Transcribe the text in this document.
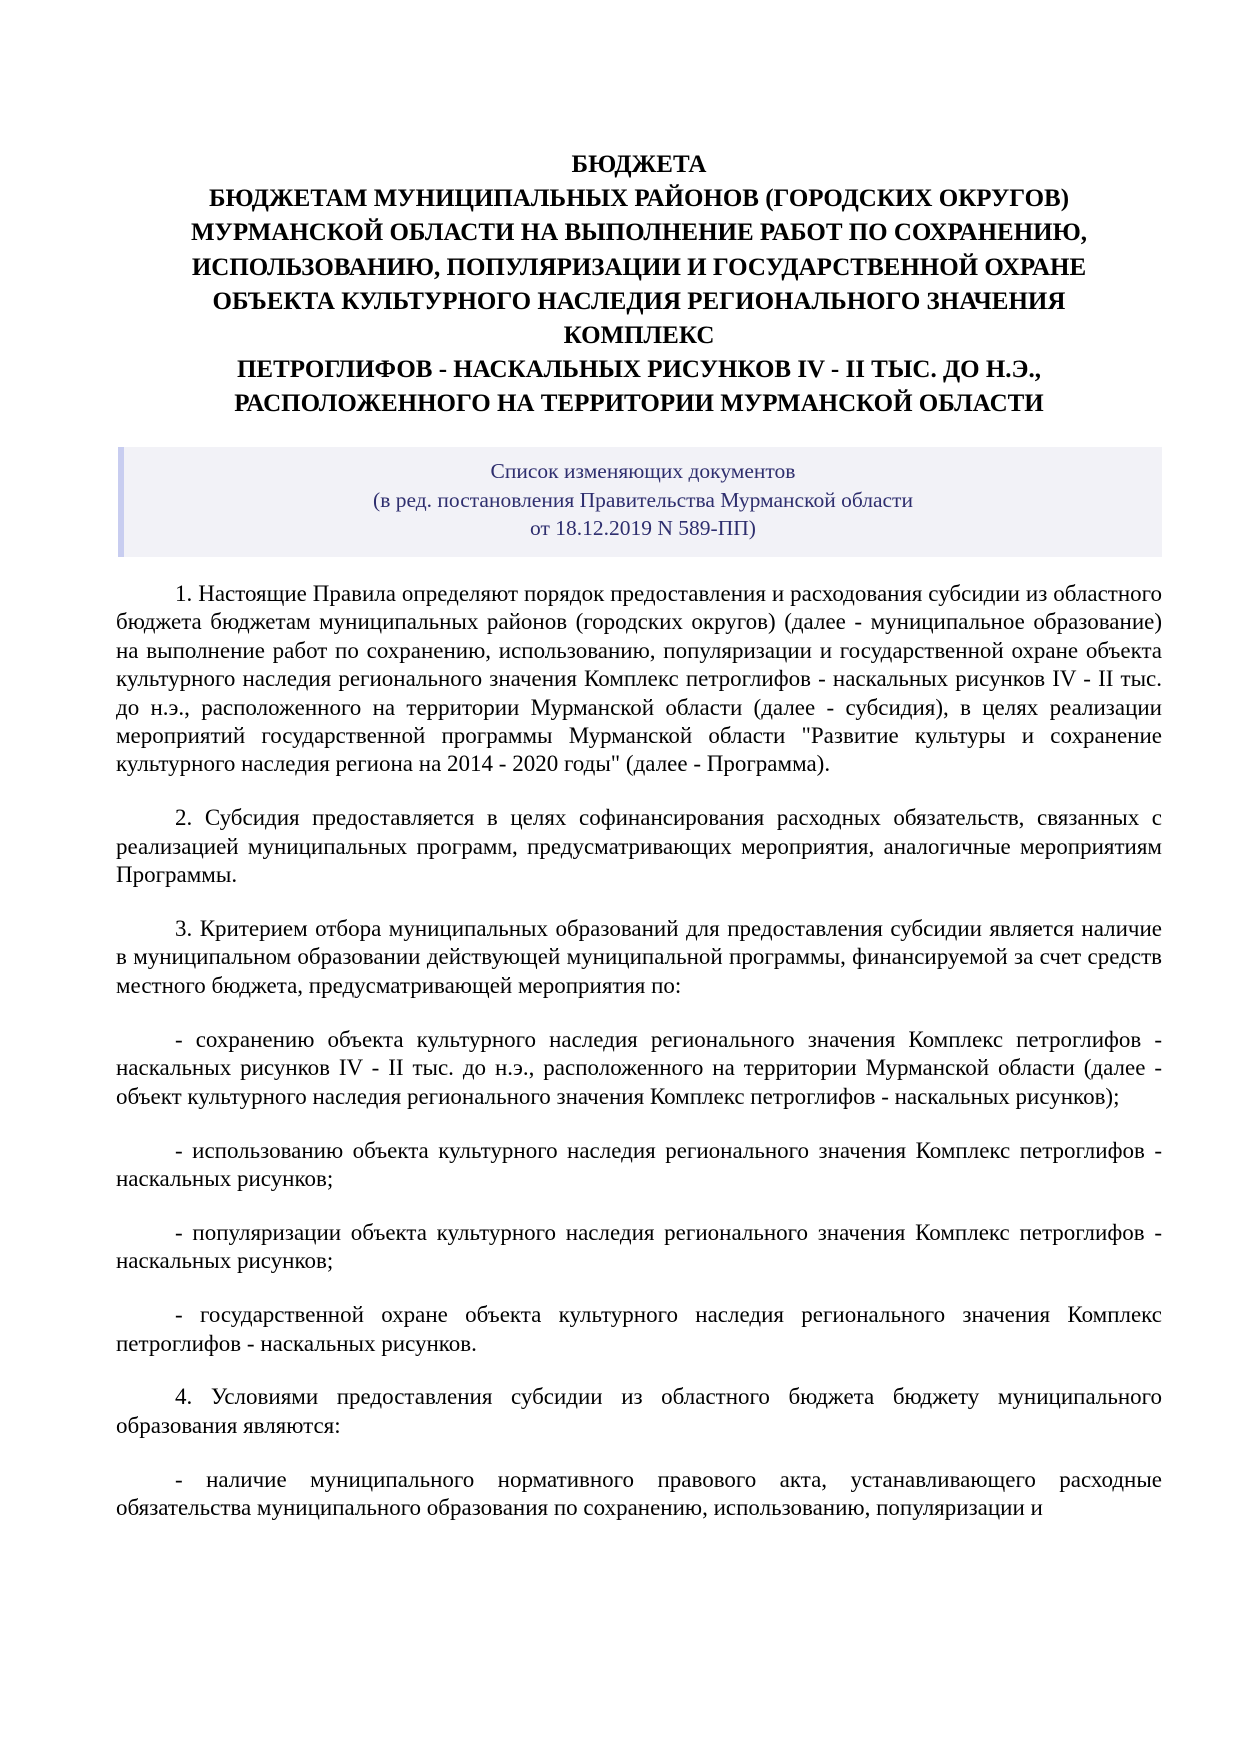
БЮДЖЕТА
БЮДЖЕТАМ МУНИЦИПАЛЬНЫХ РАЙОНОВ (ГОРОДСКИХ ОКРУГОВ)
МУРМАНСКОЙ ОБЛАСТИ НА ВЫПОЛНЕНИЕ РАБОТ ПО СОХРАНЕНИЮ,
ИСПОЛЬЗОВАНИЮ, ПОПУЛЯРИЗАЦИИ И ГОСУДАРСТВЕННОЙ ОХРАНЕ
ОБЪЕКТА КУЛЬТУРНОГО НАСЛЕДИЯ РЕГИОНАЛЬНОГО ЗНАЧЕНИЯ
КОМПЛЕКС
ПЕТРОГЛИФОВ - НАСКАЛЬНЫХ РИСУНКОВ IV - II ТЫС. ДО Н.Э.,
РАСПОЛОЖЕННОГО НА ТЕРРИТОРИИ МУРМАНСКОЙ ОБЛАСТИ
Список изменяющих документов
(в ред. постановления Правительства Мурманской области
от 18.12.2019 N 589-ПП)

1. Настоящие Правила определяют порядок предоставления и расходования субсидии из областного бюджета бюджетам муниципальных районов (городских округов) (далее - муниципальное образование) на выполнение работ по сохранению, использованию, популяризации и государственной охране объекта культурного наследия регионального значения Комплекс петроглифов - наскальных рисунков IV - II тыс. до н.э., расположенного на территории Мурманской области (далее - субсидия), в целях реализации мероприятий государственной программы Мурманской области "Развитие культуры и сохранение культурного наследия региона на 2014 - 2020 годы" (далее - Программа).

2. Субсидия предоставляется в целях софинансирования расходных обязательств, связанных с реализацией муниципальных программ, предусматривающих мероприятия, аналогичные мероприятиям Программы.

3. Критерием отбора муниципальных образований для предоставления субсидии является наличие в муниципальном образовании действующей муниципальной программы, финансируемой за счет средств местного бюджета, предусматривающей мероприятия по:

- сохранению объекта культурного наследия регионального значения Комплекс петроглифов - наскальных рисунков IV - II тыс. до н.э., расположенного на территории Мурманской области (далее - объект культурного наследия регионального значения Комплекс петроглифов - наскальных рисунков);

- использованию объекта культурного наследия регионального значения Комплекс петроглифов - наскальных рисунков;

- популяризации объекта культурного наследия регионального значения Комплекс петроглифов - наскальных рисунков;

- государственной охране объекта культурного наследия регионального значения Комплекс петроглифов - наскальных рисунков.

4. Условиями предоставления субсидии из областного бюджета бюджету муниципального образования являются:

- наличие муниципального нормативного правового акта, устанавливающего расходные обязательства муниципального образования по сохранению, использованию, популяризации и
